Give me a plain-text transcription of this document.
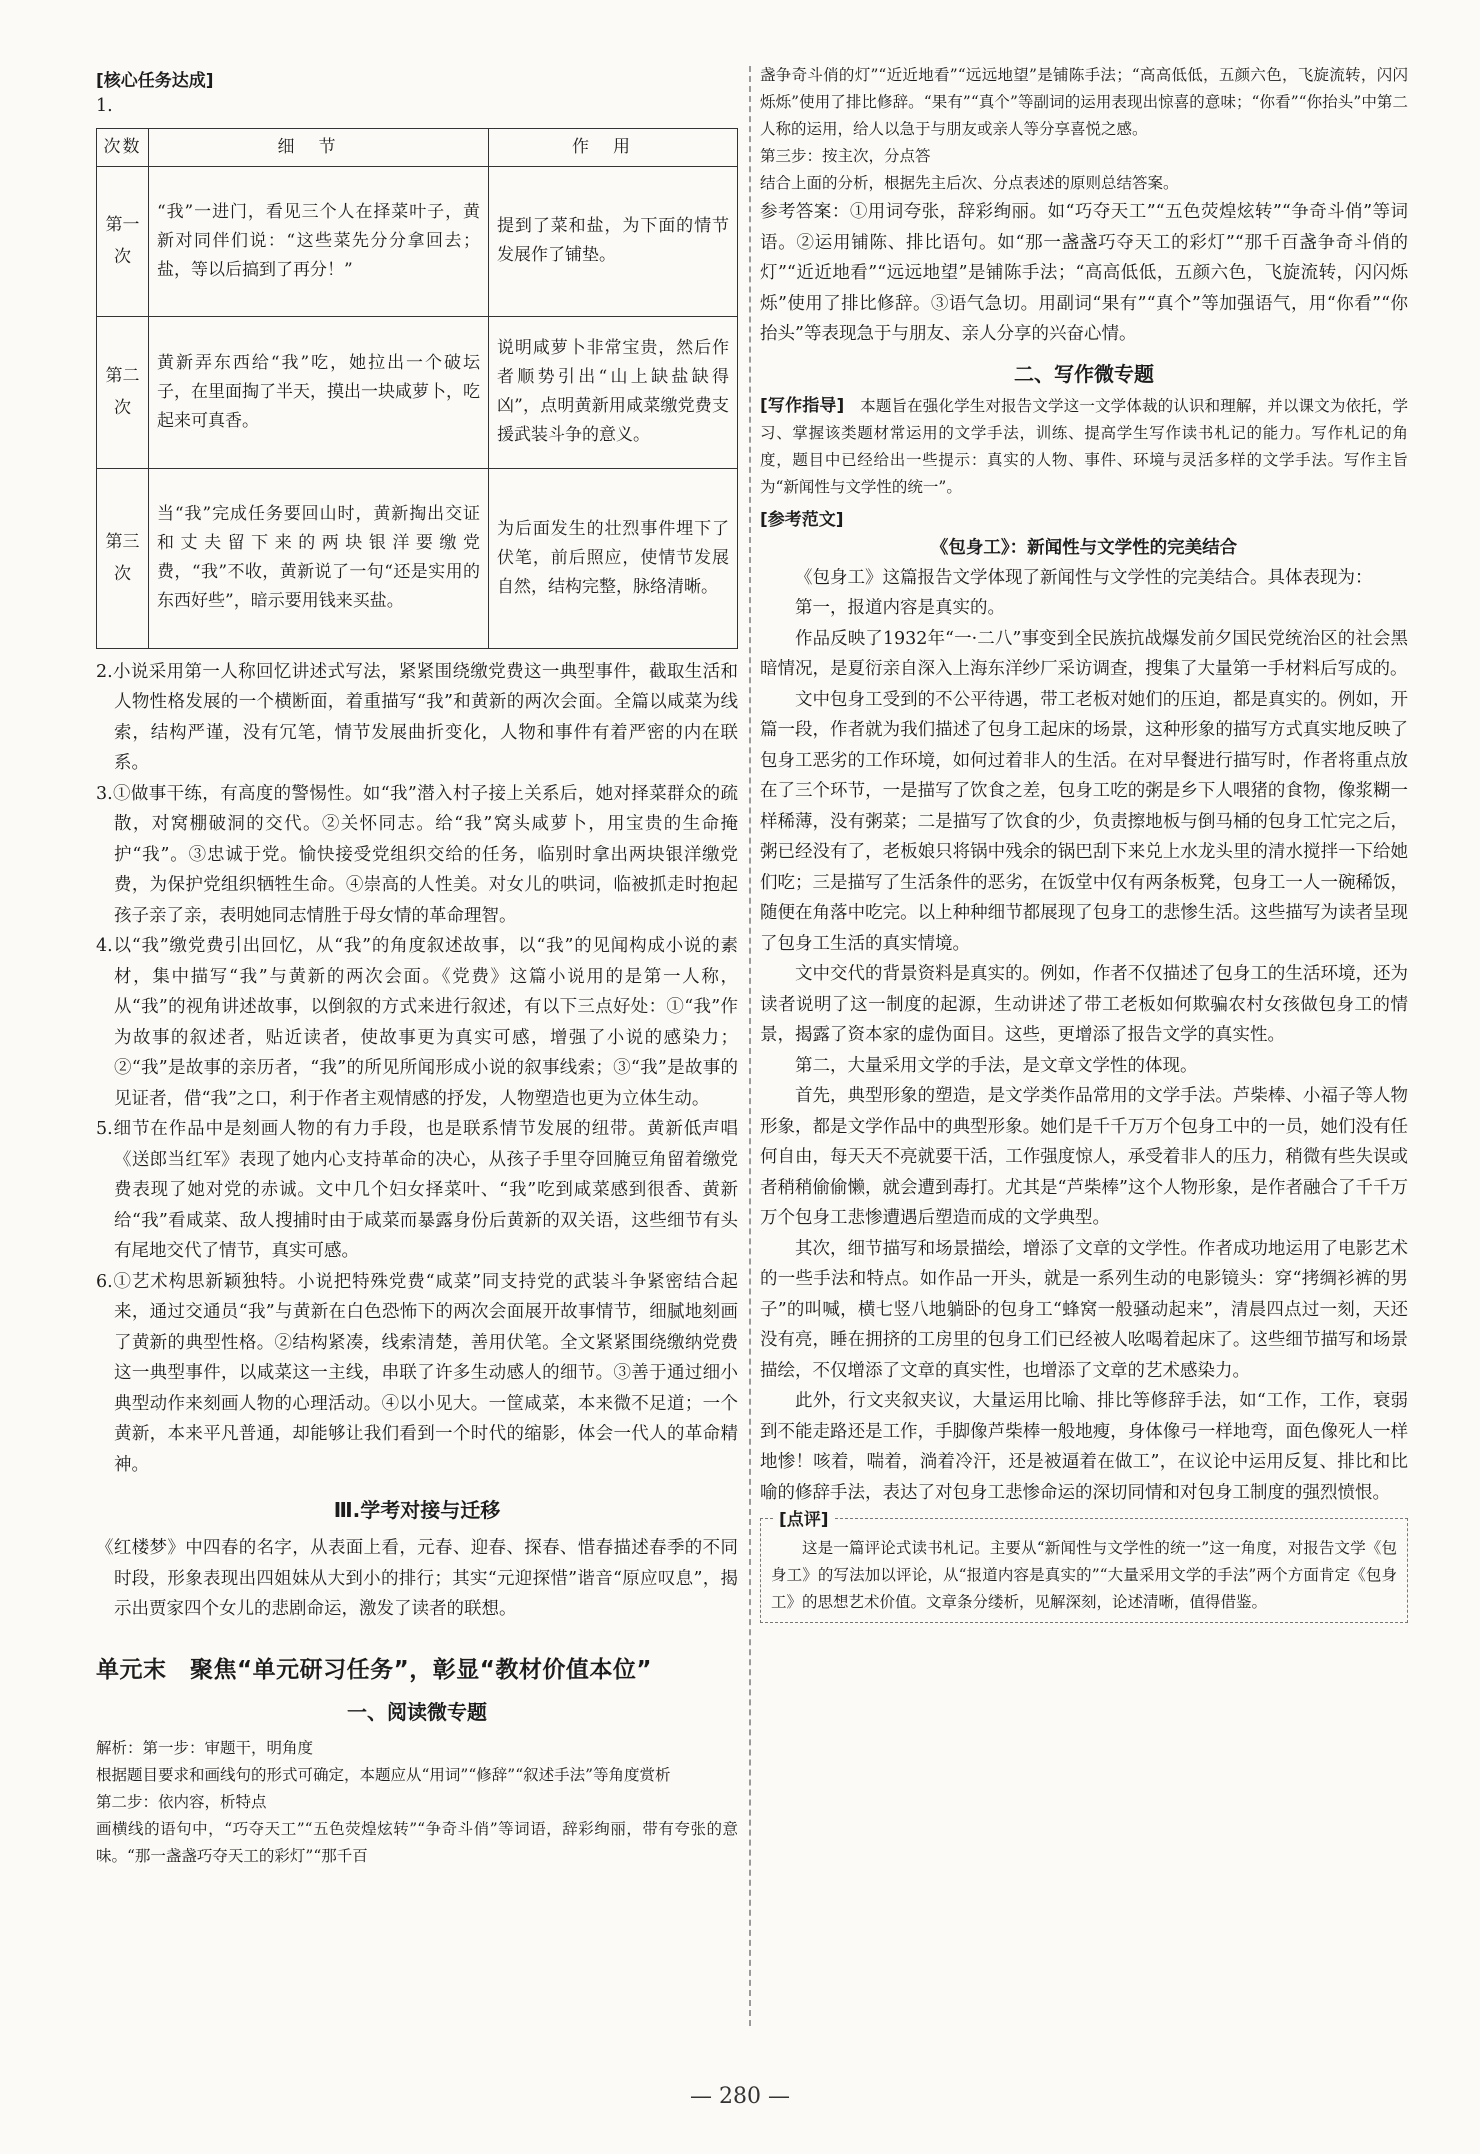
[核心任务达成]

1.

次数	细节	作用
第一次	“我”一进门，看见三个人在择菜叶子，黄新对同伴们说：“这些菜先分分拿回去；盐，等以后搞到了再分！”	提到了菜和盐，为下面的情节发展作了铺垫。
第二次	黄新弄东西给“我”吃，她拉出一个破坛子，在里面掏了半天，摸出一块咸萝卜，吃起来可真香。	说明咸萝卜非常宝贵，然后作者顺势引出“山上缺盐缺得凶”，点明黄新用咸菜缴党费支援武装斗争的意义。
第三次	当“我”完成任务要回山时，黄新掏出交证和丈夫留下来的两块银洋要缴党费，“我”不收，黄新说了一句“还是实用的东西好些”，暗示要用钱来买盐。	为后面发生的壮烈事件埋下了伏笔，前后照应，使情节发展自然，结构完整，脉络清晰。

2.小说采用第一人称回忆讲述式写法，紧紧围绕缴党费这一典型事件，截取生活和人物性格发展的一个横断面，着重描写“我”和黄新的两次会面。全篇以咸菜为线索，结构严谨，没有冗笔，情节发展曲折变化，人物和事件有着严密的内在联系。

3.①做事干练，有高度的警惕性。如“我”潜入村子接上关系后，她对择菜群众的疏散，对窝棚破洞的交代。②关怀同志。给“我”窝头咸萝卜，用宝贵的生命掩护“我”。③忠诚于党。愉快接受党组织交给的任务，临别时拿出两块银洋缴党费，为保护党组织牺牲生命。④崇高的人性美。对女儿的哄词，临被抓走时抱起孩子亲了亲，表明她同志情胜于母女情的革命理智。

4.以“我”缴党费引出回忆，从“我”的角度叙述故事，以“我”的见闻构成小说的素材，集中描写“我”与黄新的两次会面。《党费》这篇小说用的是第一人称，从“我”的视角讲述故事，以倒叙的方式来进行叙述，有以下三点好处：①“我”作为故事的叙述者，贴近读者，使故事更为真实可感，增强了小说的感染力；②“我”是故事的亲历者，“我”的所见所闻形成小说的叙事线索；③“我”是故事的见证者，借“我”之口，利于作者主观情感的抒发，人物塑造也更为立体生动。

5.细节在作品中是刻画人物的有力手段，也是联系情节发展的纽带。黄新低声唱《送郎当红军》表现了她内心支持革命的决心，从孩子手里夺回腌豆角留着缴党费表现了她对党的赤诚。文中几个妇女择菜叶、“我”吃到咸菜感到很香、黄新给“我”看咸菜、敌人搜捕时由于咸菜而暴露身份后黄新的双关语，这些细节有头有尾地交代了情节，真实可感。

6.①艺术构思新颖独特。小说把特殊党费“咸菜”同支持党的武装斗争紧密结合起来，通过交通员“我”与黄新在白色恐怖下的两次会面展开故事情节，细腻地刻画了黄新的典型性格。②结构紧凑，线索清楚，善用伏笔。全文紧紧围绕缴纳党费这一典型事件，以咸菜这一主线，串联了许多生动感人的细节。③善于通过细小典型动作来刻画人物的心理活动。④以小见大。一筐咸菜，本来微不足道；一个黄新，本来平凡普通，却能够让我们看到一个时代的缩影，体会一代人的革命精神。

Ⅲ.学考对接与迁移

《红楼梦》中四春的名字，从表面上看，元春、迎春、探春、惜春描述春季的不同时段，形象表现出四姐妹从大到小的排行；其实“元迎探惜”谐音“原应叹息”，揭示出贾家四个女儿的悲剧命运，激发了读者的联想。

单元末　聚焦“单元研习任务”，彰显“教材价值本位”
一、阅读微专题

解析：第一步：审题干，明角度

根据题目要求和画线句的形式可确定，本题应从“用词”“修辞”“叙述手法”等角度赏析

第二步：依内容，析特点

画横线的语句中，“巧夺天工”“五色荧煌炫转”“争奇斗俏”等词语，辞彩绚丽，带有夸张的意味。“那一盏盏巧夺天工的彩灯”“那千百

盏争奇斗俏的灯”“近近地看”“远远地望”是铺陈手法；“高高低低，五颜六色，飞旋流转，闪闪烁烁”使用了排比修辞。“果有”“真个”等副词的运用表现出惊喜的意味；“你看”“你抬头”中第二人称的运用，给人以急于与朋友或亲人等分享喜悦之感。

第三步：按主次，分点答

结合上面的分析，根据先主后次、分点表述的原则总结答案。

参考答案：①用词夸张，辞彩绚丽。如“巧夺天工”“五色荧煌炫转”“争奇斗俏”等词语。②运用铺陈、排比语句。如“那一盏盏巧夺天工的彩灯”“那千百盏争奇斗俏的灯”“近近地看”“远远地望”是铺陈手法；“高高低低，五颜六色，飞旋流转，闪闪烁烁”使用了排比修辞。③语气急切。用副词“果有”“真个”等加强语气，用“你看”“你抬头”等表现急于与朋友、亲人分享的兴奋心情。

二、写作微专题

[写作指导]　 本题旨在强化学生对报告文学这一文学体裁的认识和理解，并以课文为依托，学习、掌握该类题材常运用的文学手法，训练、提高学生写作读书札记的能力。写作札记的角度，题目中已经给出一些提示：真实的人物、事件、环境与灵活多样的文学手法。写作主旨为“新闻性与文学性的统一”。

[参考范文]
《包身工》：新闻性与文学性的完美结合

《包身工》这篇报告文学体现了新闻性与文学性的完美结合。具体表现为：

第一，报道内容是真实的。

作品反映了1932年“一·二八”事变到全民族抗战爆发前夕国民党统治区的社会黑暗情况，是夏衍亲自深入上海东洋纱厂采访调查，搜集了大量第一手材料后写成的。

文中包身工受到的不公平待遇，带工老板对她们的压迫，都是真实的。例如，开篇一段，作者就为我们描述了包身工起床的场景，这种形象的描写方式真实地反映了包身工恶劣的工作环境，如何过着非人的生活。在对早餐进行描写时，作者将重点放在了三个环节，一是描写了饮食之差，包身工吃的粥是乡下人喂猪的食物，像浆糊一样稀薄，没有粥菜；二是描写了饮食的少，负责擦地板与倒马桶的包身工忙完之后，粥已经没有了，老板娘只将锅中残余的锅巴刮下来兑上水龙头里的清水搅拌一下给她们吃；三是描写了生活条件的恶劣，在饭堂中仅有两条板凳，包身工一人一碗稀饭，随便在角落中吃完。以上种种细节都展现了包身工的悲惨生活。这些描写为读者呈现了包身工生活的真实情境。

文中交代的背景资料是真实的。例如，作者不仅描述了包身工的生活环境，还为读者说明了这一制度的起源，生动讲述了带工老板如何欺骗农村女孩做包身工的情景，揭露了资本家的虚伪面目。这些，更增添了报告文学的真实性。

第二，大量采用文学的手法，是文章文学性的体现。

首先，典型形象的塑造，是文学类作品常用的文学手法。芦柴棒、小福子等人物形象，都是文学作品中的典型形象。她们是千千万万个包身工中的一员，她们没有任何自由，每天天不亮就要干活，工作强度惊人，承受着非人的压力，稍微有些失误或者稍稍偷偷懒，就会遭到毒打。尤其是“芦柴棒”这个人物形象，是作者融合了千千万万个包身工悲惨遭遇后塑造而成的文学典型。

其次，细节描写和场景描绘，增添了文章的文学性。作者成功地运用了电影艺术的一些手法和特点。如作品一开头，就是一系列生动的电影镜头：穿“拷绸衫裤的男子”的叫喊，横七竖八地躺卧的包身工“蜂窝一般骚动起来”，清晨四点过一刻，天还没有亮，睡在拥挤的工房里的包身工们已经被人吆喝着起床了。这些细节描写和场景描绘，不仅增添了文章的真实性，也增添了文章的艺术感染力。

此外，行文夹叙夹议，大量运用比喻、排比等修辞手法，如“工作，工作，衰弱到不能走路还是工作，手脚像芦柴棒一般地瘦，身体像弓一样地弯，面色像死人一样地惨！咳着，喘着，淌着冷汗，还是被逼着在做工”，在议论中运用反复、排比和比喻的修辞手法，表达了对包身工悲惨命运的深切同情和对包身工制度的强烈愤恨。

[点评]

这是一篇评论式读书札记。主要从“新闻性与文学性的统一”这一角度，对报告文学《包身工》的写法加以评论，从“报道内容是真实的”“大量采用文学的手法”两个方面肯定《包身工》的思想艺术价值。文章条分缕析，见解深刻，论述清晰，值得借鉴。

— 280 —
